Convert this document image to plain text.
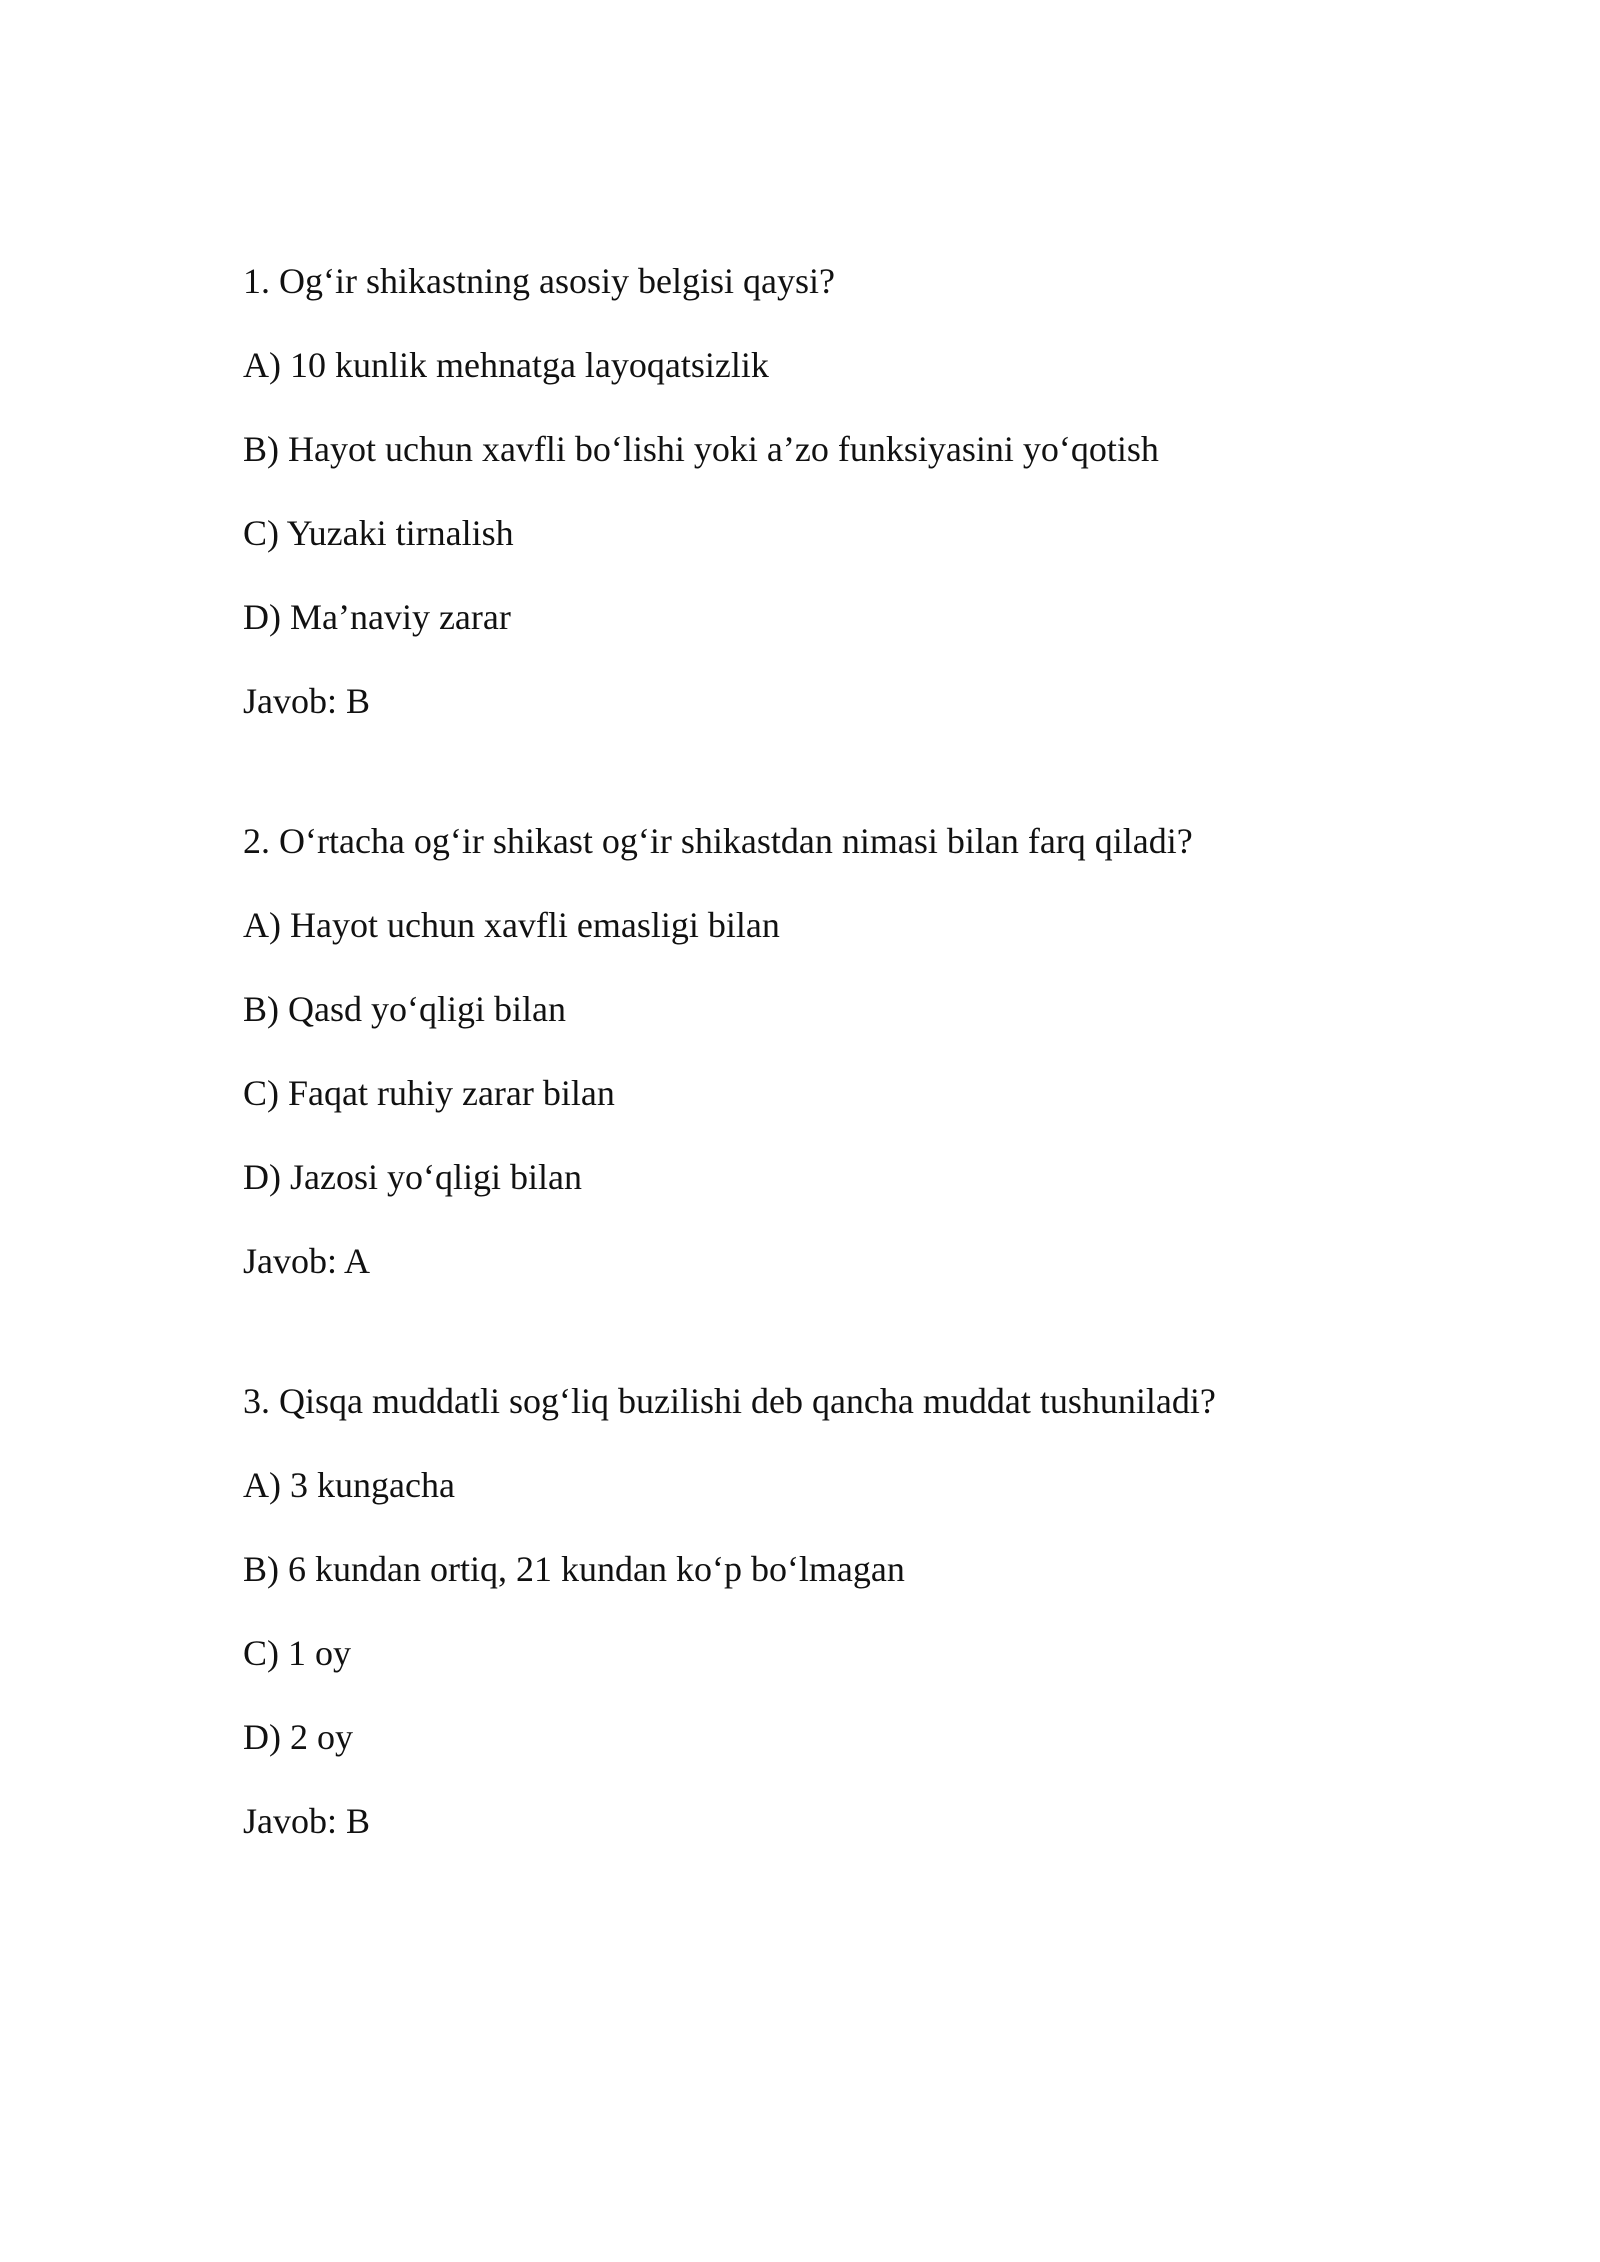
1. Og‘ir shikastning asosiy belgisi qaysi?
A) 10 kunlik mehnatga layoqatsizlik
B) Hayot uchun xavfli bo‘lishi yoki a’zo funksiyasini yo‘qotish
C) Yuzaki tirnalish
D) Ma’naviy zarar
Javob: B
2. O‘rtacha og‘ir shikast og‘ir shikastdan nimasi bilan farq qiladi?
A) Hayot uchun xavfli emasligi bilan
B) Qasd yo‘qligi bilan
C) Faqat ruhiy zarar bilan
D) Jazosi yo‘qligi bilan
Javob: A
3. Qisqa muddatli sog‘liq buzilishi deb qancha muddat tushuniladi?
A) 3 kungacha
B) 6 kundan ortiq, 21 kundan ko‘p bo‘lmagan
C) 1 oy
D) 2 oy
Javob: B
